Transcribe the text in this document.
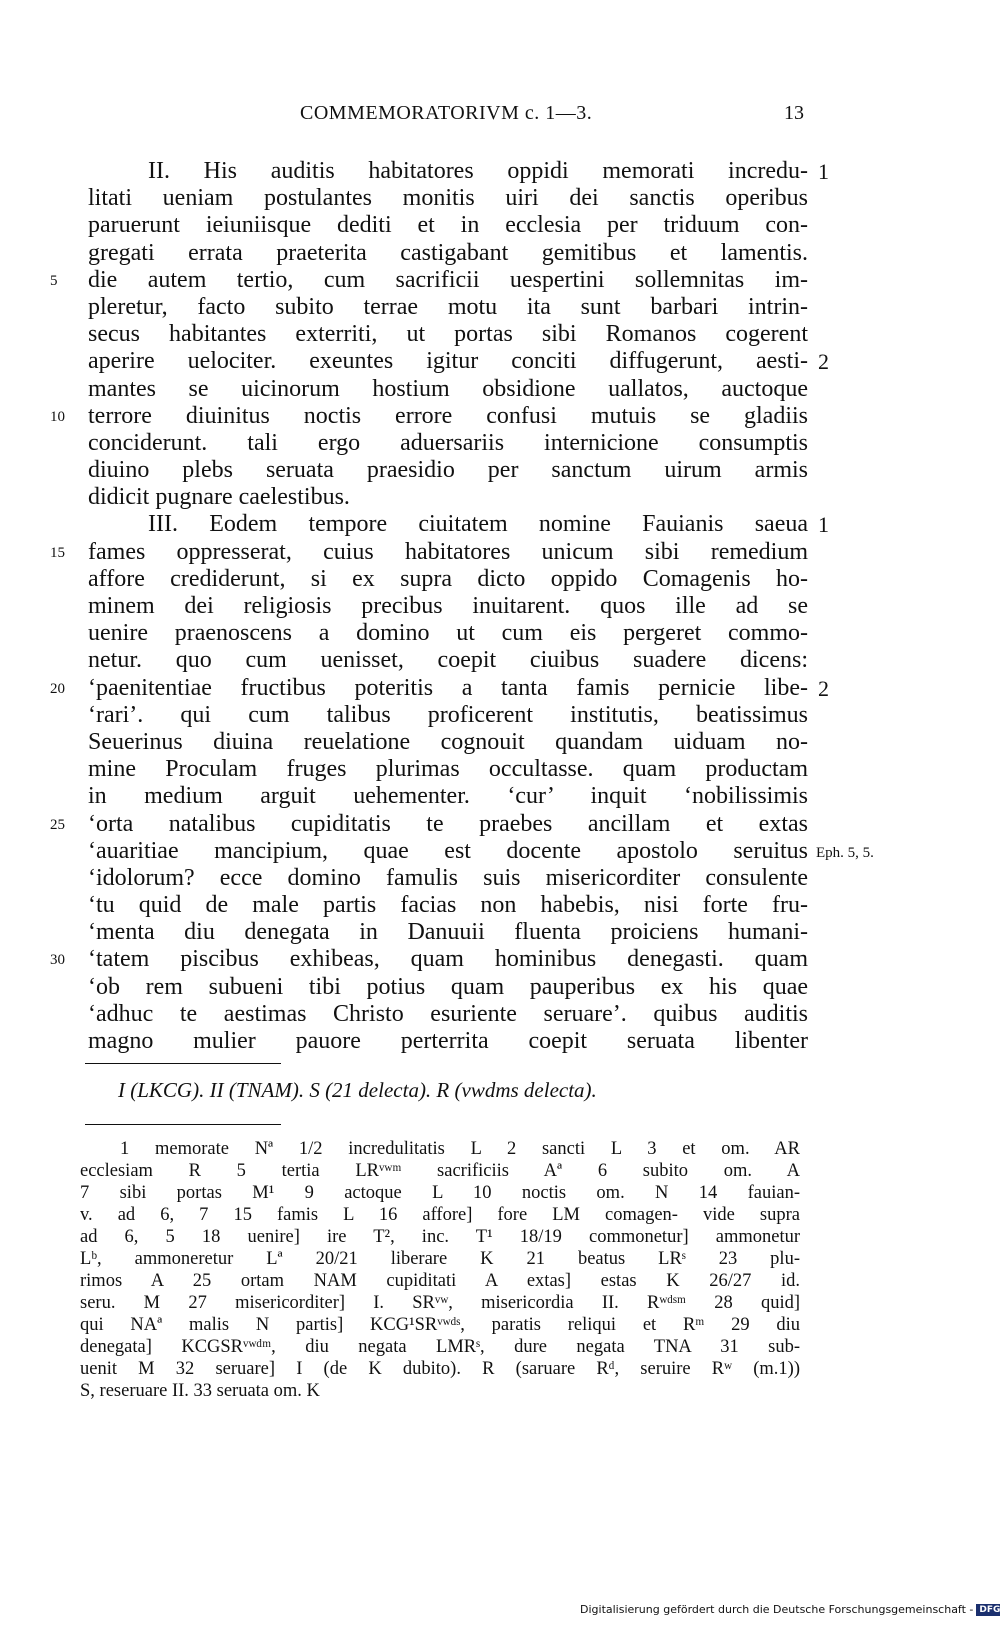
COMMEMORATORIVM c. 1—3.	13
II. His auditis habitatores oppidi memorati incredu- 1
litati ueniam postulantes monitis uiri dei sanctis operibus
paruerunt ieiuniisque dediti et in ecclesia per triduum con-
gregati errata praeterita castigabant gemitibus et lamentis.
die autem tertio, cum sacrificii uespertini sollemnitas im-
5
pleretur, facto subito terrae motu ita sunt barbari intrin-
secus habitantes exterriti, ut portas sibi Romanos cogerent
aperire uelociter. exeuntes igitur conciti diffugerunt, aesti- 2
mantes se uicinorum hostium obsidione uallatos, auctoque
terrore diuinitus noctis errore confusi mutuis se gladiis
10
conciderunt. tali ergo aduersariis internicione consumptis
diuino plebs seruata praesidio per sanctum uirum armis
didicit pugnare caelestibus.
III. Eodem tempore ciuitatem nomine Fauianis saeua 1
fames oppresserat, cuius habitatores unicum sibi remedium
15
affore crediderunt, si ex supra dicto oppido Comagenis ho-
minem dei religiosis precibus inuitarent. quos ille ad se
uenire praenoscens a domino ut cum eis pergeret commo-
netur. quo cum uenisset, coepit ciuibus suadere dicens:
‘paenitentiae fructibus poteritis a tanta famis pernicie libe-
20	2
‘rari’. qui cum talibus proficerent institutis, beatissimus
Seuerinus diuina reuelatione cognouit quandam uiduam no-
mine Proculam fruges plurimas occultasse. quam productam
in medium arguit uehementer. ‘cur’ inquit ‘nobilissimis
‘orta natalibus cupiditatis te praebes ancillam et extas
25
‘auaritiae mancipium, quae est docente apostolo seruitus Eph. 5, 5.
‘idolorum? ecce domino famulis suis misericorditer consulente
‘tu quid de male partis facias non habebis, nisi forte fru-
‘menta diu denegata in Danuuii fluenta proiciens humani-
‘tatem piscibus exhibeas, quam hominibus denegasti. quam
30
‘ob rem subueni tibi potius quam pauperibus ex his quae
‘adhuc te aestimas Christo esuriente seruare’. quibus auditis
magno mulier pauore perterrita coepit seruata libenter
I (LKCG). II (TNAM). S (21 delecta). R (vwdms delecta).
1 memorate Nª 1/2 incredulitatis L 2 sancti L 3 et om. AR
ecclesiam R 5 tertia LRᵛʷᵐ sacrificiis Aª 6 subito om. A
7 sibi portas M¹ 9 actoque L 10 noctis om. N 14 fauian-
v. ad 6, 7 15 famis L 16 affore] fore LM comagen- vide supra
ad 6, 5 18 uenire] ire T², inc. T¹ 18/19 commonetur] ammonetur
Lᵇ, ammoneretur Lª 20/21 liberare K 21 beatus LRˢ 23 plu-
rimos A 25 ortam NAM cupiditati A extas] estas K 26/27 id.
seru. M 27 misericorditer] I. SRᵛʷ, misericordia II. Rʷᵈˢᵐ 28 quid]
qui NAª malis N partis] KCG¹SRᵛʷᵈˢ, paratis reliqui et Rᵐ 29 diu
denegata] KCGSRᵛʷᵈᵐ, diu negata LMRˢ, dure negata TNA 31 sub-
uenit M 32 seruare] I (de K dubito). R (saruare Rᵈ, seruire Rʷ (m.1))
S, reseruare II. 33 seruata om. K
Digitalisierung gefördert durch die Deutsche Forschungsgemeinschaft - DFG
